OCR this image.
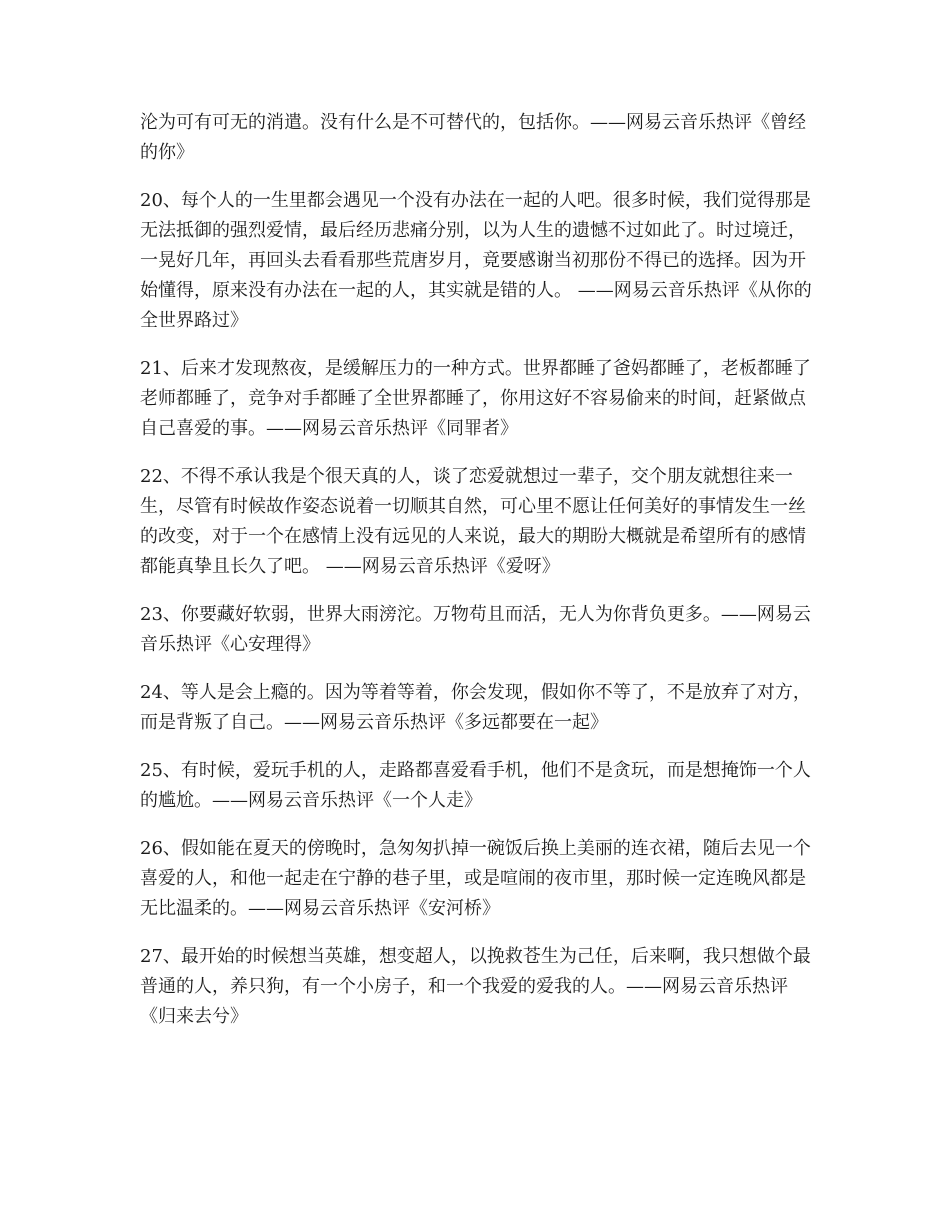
沦为可有可无的消遣。没有什么是不可替代的，包括你。——网易云音乐热评《曾经的你》

20、每个人的一生里都会遇见一个没有办法在一起的人吧。很多时候，我们觉得那是无法抵御的强烈爱情，最后经历悲痛分别，以为人生的遗憾不过如此了。时过境迁，一晃好几年，再回头去看看那些荒唐岁月，竟要感谢当初那份不得已的选择。因为开始懂得，原来没有办法在一起的人，其实就是错的人。 ——网易云音乐热评《从你的全世界路过》

21、后来才发现熬夜，是缓解压力的一种方式。世界都睡了爸妈都睡了，老板都睡了老师都睡了，竞争对手都睡了全世界都睡了，你用这好不容易偷来的时间，赶紧做点自己喜爱的事。——网易云音乐热评《同罪者》

22、不得不承认我是个很天真的人，谈了恋爱就想过一辈子，交个朋友就想往来一生，尽管有时候故作姿态说着一切顺其自然，可心里不愿让任何美好的事情发生一丝的改变，对于一个在感情上没有远见的人来说，最大的期盼大概就是希望所有的感情都能真挚且长久了吧。 ——网易云音乐热评《爱呀》

23、你要藏好软弱，世界大雨滂沱。万物苟且而活，无人为你背负更多。——网易云音乐热评《心安理得》

24、等人是会上瘾的。因为等着等着，你会发现，假如你不等了，不是放弃了对方，而是背叛了自己。——网易云音乐热评《多远都要在一起》

25、有时候，爱玩手机的人，走路都喜爱看手机，他们不是贪玩，而是想掩饰一个人的尴尬。——网易云音乐热评《一个人走》

26、假如能在夏天的傍晚时，急匆匆扒掉一碗饭后换上美丽的连衣裙，随后去见一个喜爱的人，和他一起走在宁静的巷子里，或是喧闹的夜市里，那时候一定连晚风都是无比温柔的。——网易云音乐热评《安河桥》

27、最开始的时候想当英雄，想变超人，以挽救苍生为己任，后来啊，我只想做个最普通的人，养只狗，有一个小房子，和一个我爱的爱我的人。——网易云音乐热评《归来去兮》
